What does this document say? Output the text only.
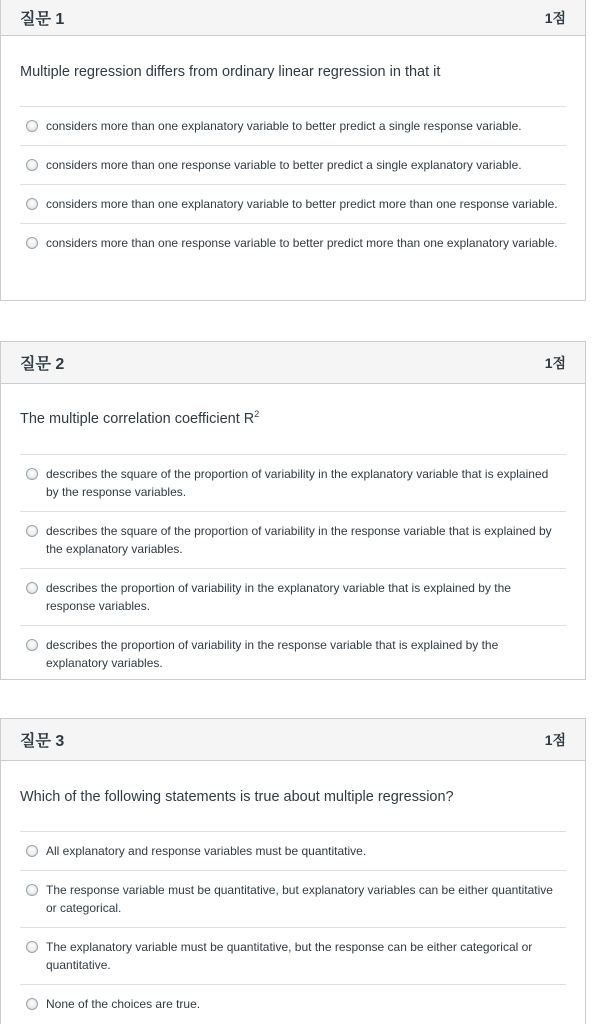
질문 1	1점
Multiple regression differs from ordinary linear regression in that it
considers more than one explanatory variable to better predict a single response variable.
considers more than one response variable to better predict a single explanatory variable.
considers more than one explanatory variable to better predict more than one response variable.
considers more than one response variable to better predict more than one explanatory variable.
질문 2	1점
The multiple correlation coefficient $R^2$
describes the square of the proportion of variability in the explanatory variable that is explained by the response variables.
describes the square of the proportion of variability in the response variable that is explained by the explanatory variables.
describes the proportion of variability in the explanatory variable that is explained by the response variables.
describes the proportion of variability in the response variable that is explained by the explanatory variables.
질문 3	1점
Which of the following statements is true about multiple regression?
All explanatory and response variables must be quantitative.
The response variable must be quantitative, but explanatory variables can be either quantitative or categorical.
The explanatory variable must be quantitative, but the response can be either categorical or quantitative.
None of the choices are true.
